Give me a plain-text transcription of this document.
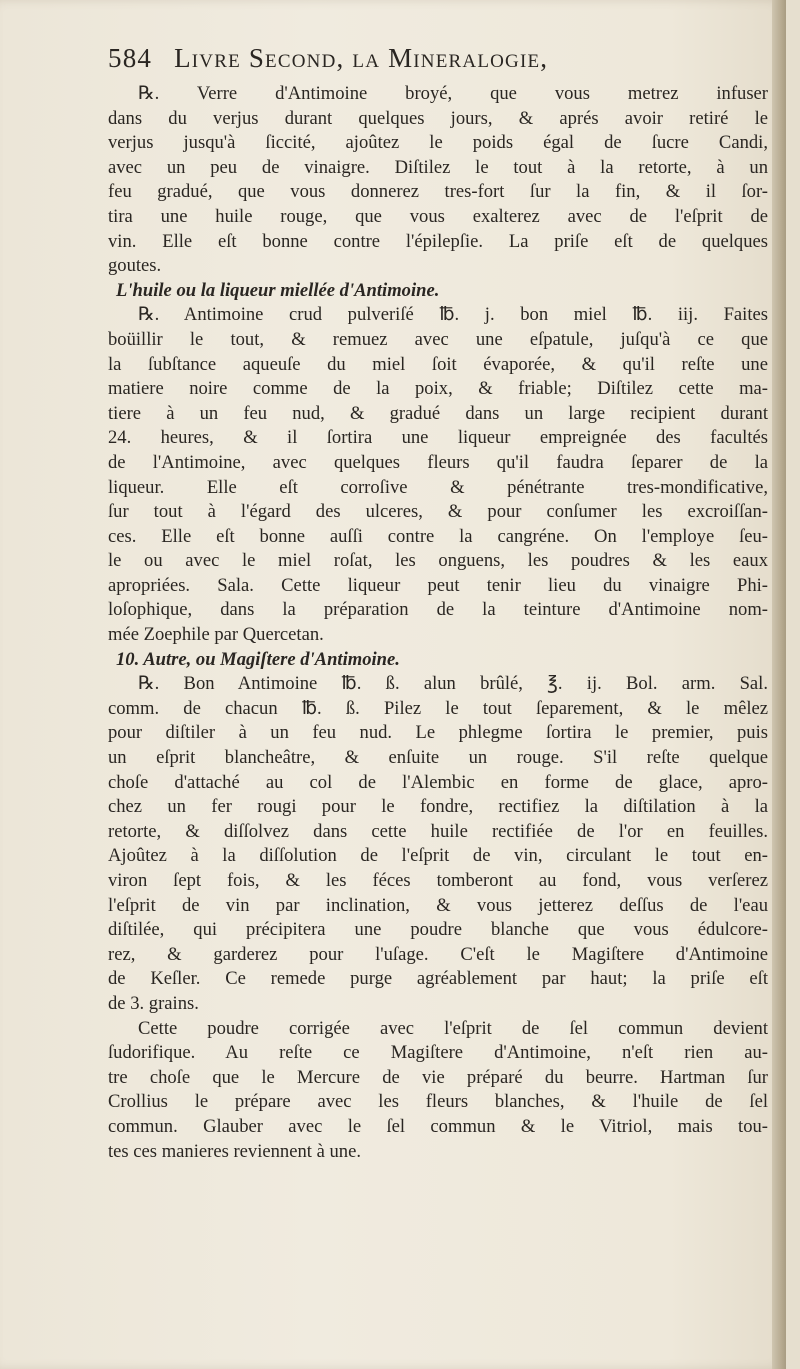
584 Livre Second, la Mineralogie,
℞. Verre d'Antimoine broyé, que vous metrez infuser
dans du verjus durant quelques jours, & aprés avoir retiré le
verjus jusqu'à ſiccité, ajoûtez le poids égal de ſucre Candi,
avec un peu de vinaigre. Diſtilez le tout à la retorte, à un
feu gradué, que vous donnerez tres-fort ſur la fin, & il ſor-
tira une huile rouge, que vous exalterez avec de l'eſprit de
vin. Elle eſt bonne contre l'épilepſie. La priſe eſt de quelques
goutes.
L'huile ou la liqueur miellée d'Antimoine.
℞. Antimoine crud pulveriſé ℔. j. bon miel ℔. iij. Faites
boüillir le tout, & remuez avec une eſpatule, juſqu'à ce que
la ſubſtance aqueuſe du miel ſoit évaporée, & qu'il reſte une
matiere noire comme de la poix, & friable; Diſtilez cette ma-
tiere à un feu nud, & gradué dans un large recipient durant
24. heures, & il ſortira une liqueur empreignée des facultés
de l'Antimoine, avec quelques fleurs qu'il faudra ſeparer de la
liqueur. Elle eſt corroſive & pénétrante tres-mondificative,
ſur tout à l'égard des ulceres, & pour conſumer les excroiſſan-
ces. Elle eſt bonne auſſi contre la cangréne. On l'employe ſeu-
le ou avec le miel roſat, les onguens, les poudres & les eaux
apropriées. Sala. Cette liqueur peut tenir lieu du vinaigre Phi-
loſophique, dans la préparation de la teinture d'Antimoine nom-
mée Zoephile par Quercetan.
10. Autre, ou Magiſtere d'Antimoine.
℞. Bon Antimoine ℔. ß. alun brûlé, ℥. ij. Bol. arm. Sal.
comm. de chacun ℔. ß. Pilez le tout ſeparement, & le mêlez
pour diſtiler à un feu nud. Le phlegme ſortira le premier, puis
un eſprit blancheâtre, & enſuite un rouge. S'il reſte quelque
choſe d'attaché au col de l'Alembic en forme de glace, apro-
chez un fer rougi pour le fondre, rectifiez la diſtilation à la
retorte, & diſſolvez dans cette huile rectifiée de l'or en feuilles.
Ajoûtez à la diſſolution de l'eſprit de vin, circulant le tout en-
viron ſept fois, & les féces tomberont au fond, vous verſerez
l'eſprit de vin par inclination, & vous jetterez deſſus de l'eau
diſtilée, qui précipitera une poudre blanche que vous édulcore-
rez, & garderez pour l'uſage. C'eſt le Magiſtere d'Antimoine
de Keſler. Ce remede purge agréablement par haut; la priſe eſt
de 3. grains.
Cette poudre corrigée avec l'eſprit de ſel commun devient
ſudorifique. Au reſte ce Magiſtere d'Antimoine, n'eſt rien au-
tre choſe que le Mercure de vie préparé du beurre. Hartman ſur
Crollius le prépare avec les fleurs blanches, & l'huile de ſel
commun. Glauber avec le ſel commun & le Vitriol, mais tou-
tes ces manieres reviennent à une.
